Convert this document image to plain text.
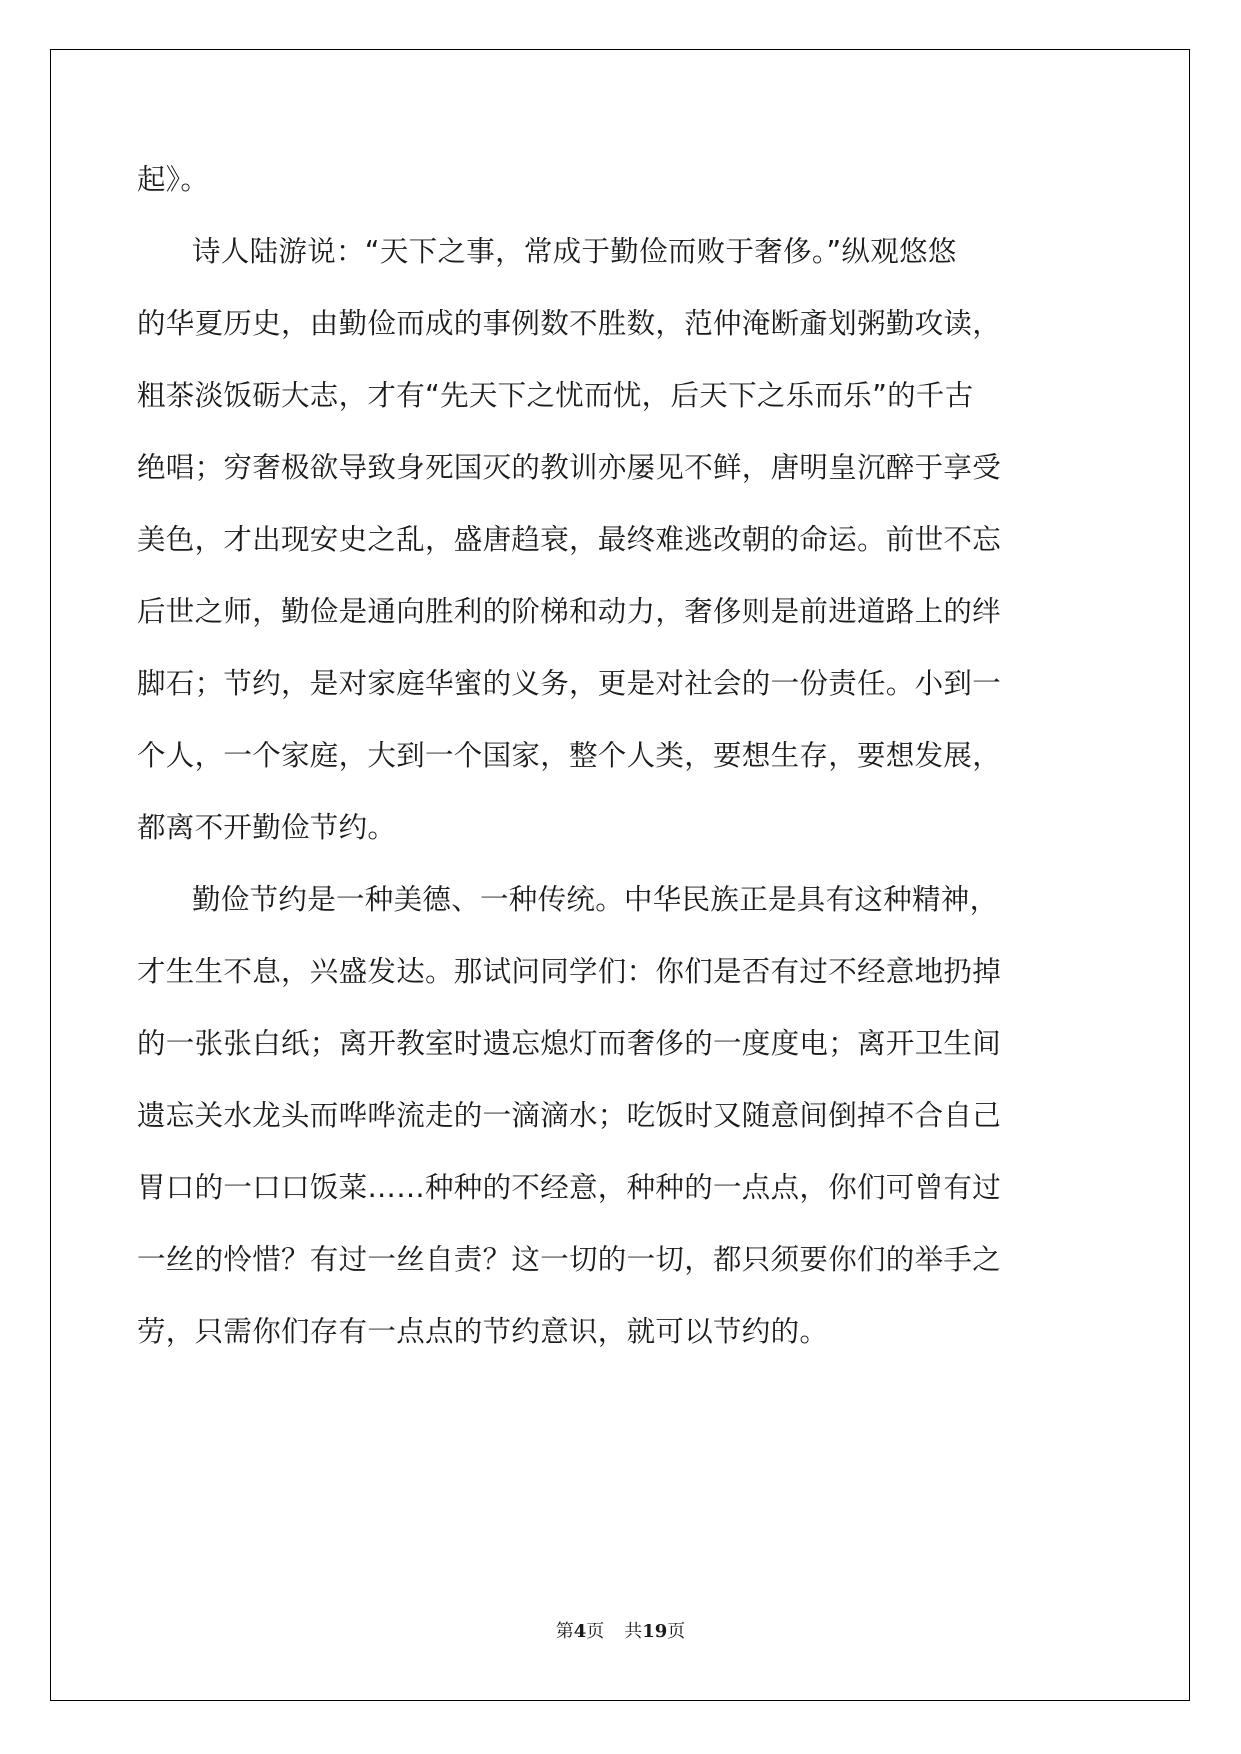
起》。
诗人陆游说：“天下之事，常成于勤俭而败于奢侈。”纵观悠悠
的华夏历史，由勤俭而成的事例数不胜数，范仲淹断齑划粥勤攻读，
粗茶淡饭砺大志，才有“先天下之忧而忧，后天下之乐而乐”的千古
绝唱；穷奢极欲导致身死国灭的教训亦屡见不鲜，唐明皇沉醉于享受
美色，才出现安史之乱，盛唐趋衰，最终难逃改朝的命运。前世不忘
后世之师，勤俭是通向胜利的阶梯和动力，奢侈则是前进道路上的绊
脚石；节约，是对家庭华蜜的义务，更是对社会的一份责任。小到一
个人，一个家庭，大到一个国家，整个人类，要想生存，要想发展，
都离不开勤俭节约。
勤俭节约是一种美德、一种传统。中华民族正是具有这种精神，
才生生不息，兴盛发达。那试问同学们：你们是否有过不经意地扔掉
的一张张白纸；离开教室时遗忘熄灯而奢侈的一度度电；离开卫生间
遗忘关水龙头而哗哗流走的一滴滴水；吃饭时又随意间倒掉不合自己
胃口的一口口饭菜……种种的不经意，种种的一点点，你们可曾有过
一丝的怜惜？有过一丝自责？这一切的一切，都只须要你们的举手之
劳，只需你们存有一点点的节约意识，就可以节约的。
第4页 共19页
